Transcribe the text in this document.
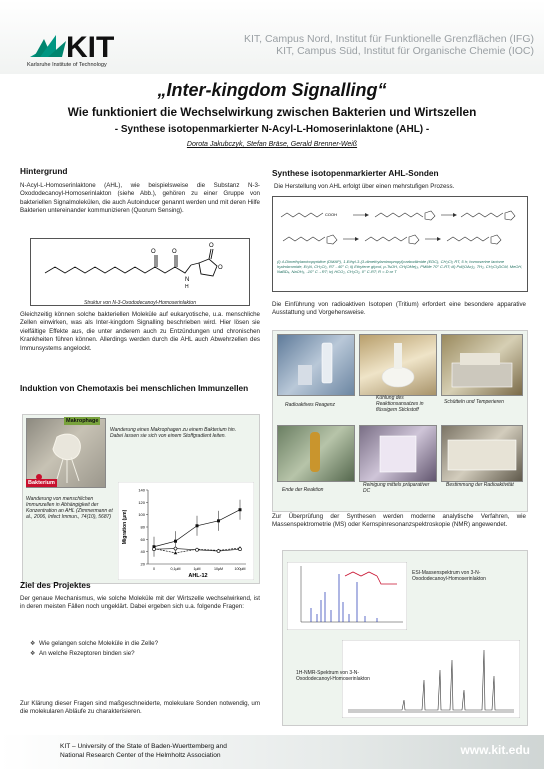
KIT
Karlsruhe Institute of Technology
KIT, Campus Nord, Institut für Funktionelle Grenzflächen (IFG)
KIT, Campus Süd, Institut für Organische Chemie (IOC)
„Inter-kingdom Signalling“
Wie funktioniert die Wechselwirkung zwischen Bakterien und Wirtszellen
- Synthese isotopenmarkierter N-Acyl-L-Homoserinlaktone (AHL) -
Dorota Jakubczyk, Stefan Bräse, Gerald Brenner-Weiß
Hintergrund
N-Acyl-L-Homoserinlaktone (AHL), wie beispielsweise die Substanz N-3-Oxododecanoyl-Homoserinlakton (siehe Abb.), gehören zu einer Gruppe von bakteriellen Signalmolekülen, die auch Autoinducer genannt werden und mit deren Hilfe Bakterien untereinander kommunizieren (Quorum Sensing).
O	O
N
H
O
O
Struktur von N-3-Oxododecanoyl-Homoserinlakton
Gleichzeitig können solche bakteriellen Moleküle auf eukaryotische, u.a. menschliche Zellen einwirken, was als Inter-kingdom Signalling beschrieben wird. Hier lösen sie vielfältige Effekte aus, die unter anderem auch zu Entzündungen und chronischen Krankheiten führen können. Allerdings werden durch die AHL auch Abwehrzellen des Immunsystems angelockt.
Induktion von Chemotaxis bei menschlichen Immunzellen
Makrophage
Bakterium
Wanderung eines Makrophagen zu einem Bakterium hin. Dabei lassen sie sich von einem Stoffgradient leiten.
Wanderung von menschlichen Immunzellen in Abhängigkeit der Konzentration an AHL (Zimmermann et al., 2006, Infect Immun., 74(10), 5687)
20
40
60
80
100
120
140
0	0,1µM	1µM	10µM	100µM
Migration (µm)
AHL-12
Ziel des Projektes
Der genaue Mechanismus, wie solche Moleküle mit der Wirtszelle wechselwirkend, ist in deren meisten Fällen noch ungeklärt. Dabei ergeben sich u.a. folgende Fragen:
❖  Wie gelangen solche Moleküle in die Zelle?
❖  An welche Rezeptoren binden sie?
Zur Klärung dieser Fragen sind maßgeschneiderte, molekulare Sonden notwendig, um die molekularen Abläufe zu charakterisieren.
Synthese isotopenmarkierter AHL-Sonden
Die Herstellung von AHL erfolgt über einen mehrstufigen Prozess.
COOH
(i) 4-Dimethylaminopyridine (DMAP), 1-Ethyl-3-(3-dimethylaminopropyl)carbodiimide (EDC), CH₂Cl₂ RT, 5 h; homoserine lactone hydrobromide, Et₃N, CH₂Cl₂, RT - 40° C; ii) Ethylene glycol, p-TsOH, CH(OMe)₃, PMMe 70° C-RT; iii) Pd/(OAc)₂, TH₂, CH₂Cl₂DCM, MeOH, NaBD₄, NaOH₃, -10° C→RT; iv) HCO₂, CH₂Cl₂, 0° C-RT; R = D or T
Die Einführung von radioaktiven Isotopen (Tritium) erfordert eine besondere apparative Ausstattung und Vorgehensweise.
Radioaktives Reagenz
Kühlung des Reaktionsansatzes in flüssigem Stickstoff
Schütteln und Temperieren
Ende der Reaktion
Reinigung mittels präparativer DC
Bestimmung der Radioaktivität
Zur Überprüfung der Synthesen werden moderne analytische Verfahren, wie Massenspektrometrie (MS) oder Kernspinresonanzspektroskopie (NMR) angewendet.
ESI-Massenspektrum von 3-N-Oxododecanoyl-Homoserinlakton
1H-NMR-Spektrum von 3-N-Oxododecanoyl-Homoserinlakton
KIT – University of the State of Baden-Wuerttemberg and
National Research Center of the Helmholtz Association	www.kit.edu
